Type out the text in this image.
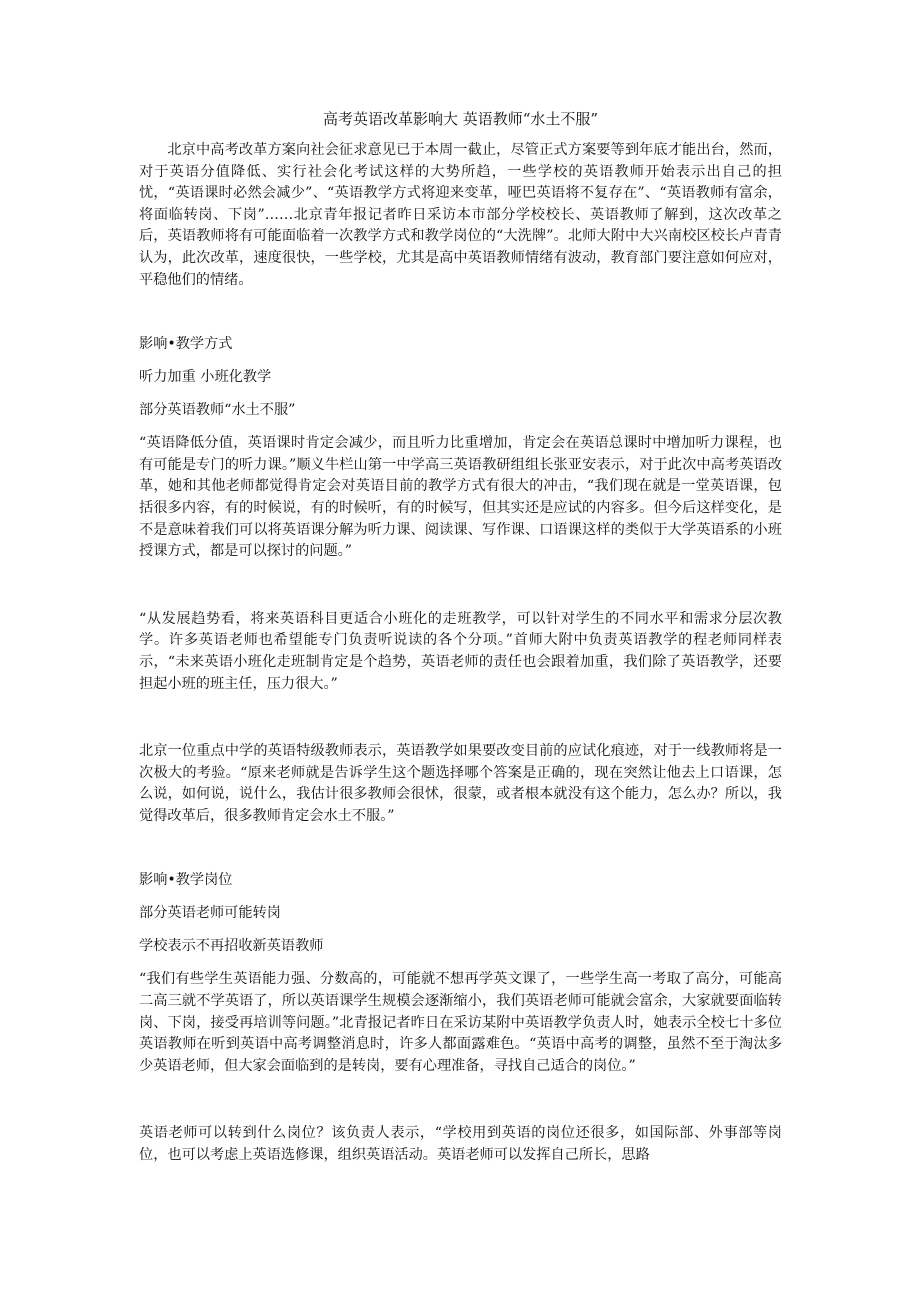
高考英语改革影响大 英语教师“水土不服”

北京中高考改革方案向社会征求意见已于本周一截止，尽管正式方案要等到年底才能出台，然而，对于英语分值降低、实行社会化考试这样的大势所趋，一些学校的英语教师开始表示出自己的担忧，“英语课时必然会减少”、“英语教学方式将迎来变革，哑巴英语将不复存在”、“英语教师有富余，将面临转岗、下岗”……北京青年报记者昨日采访本市部分学校校长、英语教师了解到，这次改革之后，英语教师将有可能面临着一次教学方式和教学岗位的“大洗牌”。北师大附中大兴南校区校长卢青青认为，此次改革，速度很快，一些学校，尤其是高中英语教师情绪有波动，教育部门要注意如何应对，平稳他们的情绪。

影响•教学方式

听力加重 小班化教学

部分英语教师“水土不服”

“英语降低分值，英语课时肯定会减少，而且听力比重增加，肯定会在英语总课时中增加听力课程，也有可能是专门的听力课。”顺义牛栏山第一中学高三英语教研组组长张亚安表示，对于此次中高考英语改革，她和其他老师都觉得肯定会对英语目前的教学方式有很大的冲击，“我们现在就是一堂英语课，包括很多内容，有的时候说，有的时候听，有的时候写，但其实还是应试的内容多。但今后这样变化，是不是意味着我们可以将英语课分解为听力课、阅读课、写作课、口语课这样的类似于大学英语系的小班授课方式，都是可以探讨的问题。”

“从发展趋势看，将来英语科目更适合小班化的走班教学，可以针对学生的不同水平和需求分层次教学。许多英语老师也希望能专门负责听说读的各个分项。”首师大附中负责英语教学的程老师同样表示，“未来英语小班化走班制肯定是个趋势，英语老师的责任也会跟着加重，我们除了英语教学，还要担起小班的班主任，压力很大。”

北京一位重点中学的英语特级教师表示，英语教学如果要改变目前的应试化痕迹，对于一线教师将是一次极大的考验。“原来老师就是告诉学生这个题选择哪个答案是正确的，现在突然让他去上口语课，怎么说，如何说，说什么，我估计很多教师会很怵，很蒙，或者根本就没有这个能力，怎么办？所以，我觉得改革后，很多教师肯定会水土不服。”

影响•教学岗位

部分英语老师可能转岗

学校表示不再招收新英语教师

“我们有些学生英语能力强、分数高的，可能就不想再学英文课了，一些学生高一考取了高分，可能高二高三就不学英语了，所以英语课学生规模会逐渐缩小，我们英语老师可能就会富余，大家就要面临转岗、下岗，接受再培训等问题。”北青报记者昨日在采访某附中英语教学负责人时，她表示全校七十多位英语教师在听到英语中高考调整消息时，许多人都面露难色。“英语中高考的调整，虽然不至于淘汰多少英语老师，但大家会面临到的是转岗，要有心理准备，寻找自己适合的岗位。”

英语老师可以转到什么岗位？该负责人表示，“学校用到英语的岗位还很多，如国际部、外事部等岗位，也可以考虑上英语选修课，组织英语活动。英语老师可以发挥自己所长，思路
